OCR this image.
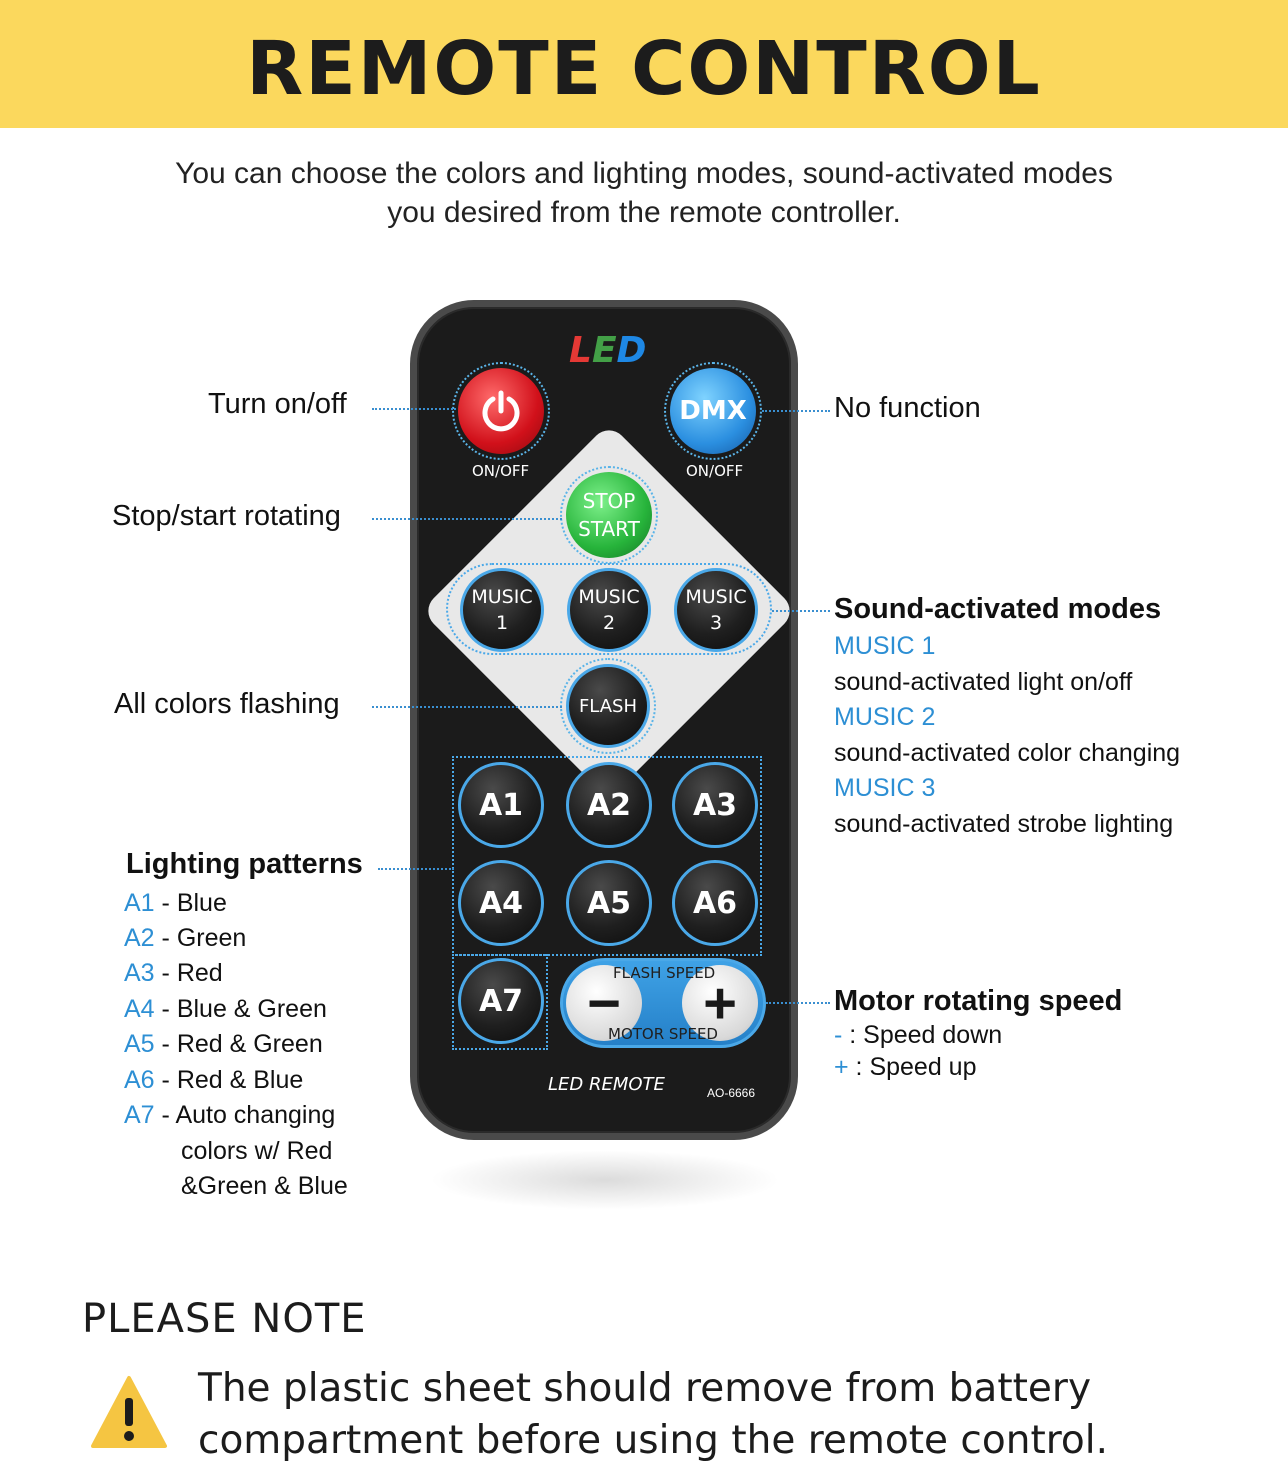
REMOTE CONTROL
You can choose the colors and lighting modes, sound-activated modes
you desired from the remote controller.
LED
ON/OFF
DMX
ON/OFF
STOP
START
MUSIC
1
MUSIC
2
MUSIC
3
FLASH
A1	A2	A3
A4	A5	A6
A7	−	+
FLASH SPEED
MOTOR SPEED
LED REMOTE	AO-6666
Turn on/off
Stop/start rotating
All colors flashing
Lighting patterns
A1 - Blue
A2 - Green
A3 - Red
A4 - Blue & Green
A5 - Red & Green
A6 - Red & Blue
A7 - Auto changing
colors w/ Red
&Green & Blue
No function
Sound-activated modes
MUSIC 1
sound-activated light on/off
MUSIC 2
sound-activated color changing
MUSIC 3
sound-activated strobe lighting
Motor rotating speed
- : Speed down
+ : Speed up
PLEASE NOTE
The plastic sheet should remove from battery
compartment before using the remote control.
